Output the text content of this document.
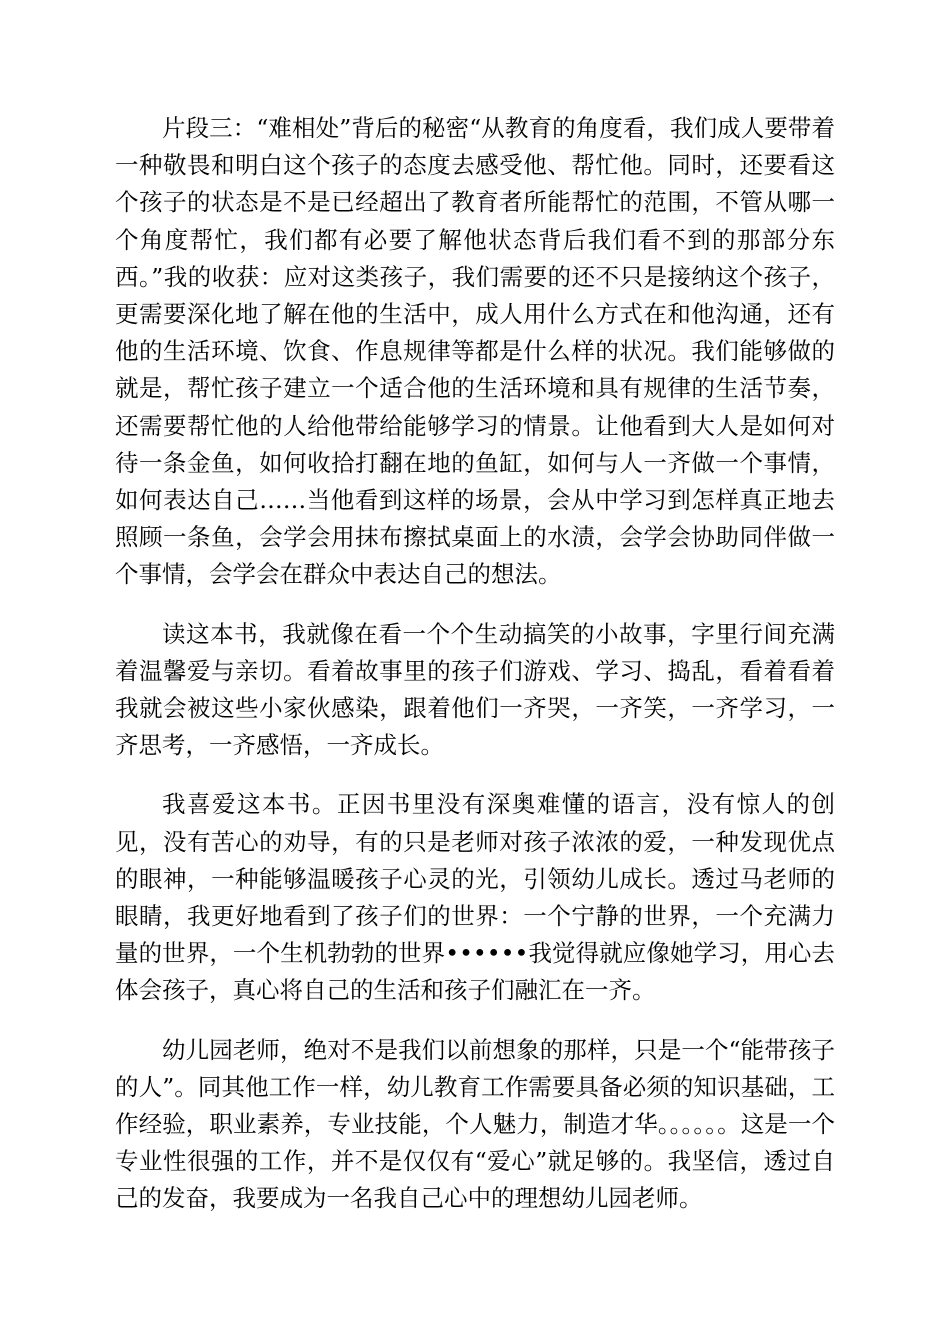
片段三：“难相处”背后的秘密“从教育的角度看，我们成人要带着一种敬畏和明白这个孩子的态度去感受他、帮忙他。同时，还要看这个孩子的状态是不是已经超出了教育者所能帮忙的范围，不管从哪一个角度帮忙，我们都有必要了解他状态背后我们看不到的那部分东西。”我的收获：应对这类孩子，我们需要的还不只是接纳这个孩子，更需要深化地了解在他的生活中，成人用什么方式在和他沟通，还有他的生活环境、饮食、作息规律等都是什么样的状况。我们能够做的就是，帮忙孩子建立一个适合他的生活环境和具有规律的生活节奏，还需要帮忙他的人给他带给能够学习的情景。让他看到大人是如何对待一条金鱼，如何收拾打翻在地的鱼缸，如何与人一齐做一个事情，如何表达自己……当他看到这样的场景，会从中学习到怎样真正地去照顾一条鱼，会学会用抹布擦拭桌面上的水渍，会学会协助同伴做一个事情，会学会在群众中表达自己的想法。

读这本书，我就像在看一个个生动搞笑的小故事，字里行间充满着温馨爱与亲切。看着故事里的孩子们游戏、学习、捣乱，看着看着我就会被这些小家伙感染，跟着他们一齐哭，一齐笑，一齐学习，一齐思考，一齐感悟，一齐成长。

我喜爱这本书。正因书里没有深奥难懂的语言，没有惊人的创见，没有苦心的劝导，有的只是老师对孩子浓浓的爱，一种发现优点的眼神，一种能够温暖孩子心灵的光，引领幼儿成长。透过马老师的眼睛，我更好地看到了孩子们的世界：一个宁静的世界，一个充满力量的世界，一个生机勃勃的世界••••••我觉得就应像她学习，用心去体会孩子，真心将自己的生活和孩子们融汇在一齐。

幼儿园老师，绝对不是我们以前想象的那样，只是一个“能带孩子的人”。同其他工作一样，幼儿教育工作需要具备必须的知识基础，工作经验，职业素养，专业技能，个人魅力，制造才华。。。。。。这是一个专业性很强的工作，并不是仅仅有“爱心”就足够的。我坚信，透过自己的发奋，我要成为一名我自己心中的理想幼儿园老师。
